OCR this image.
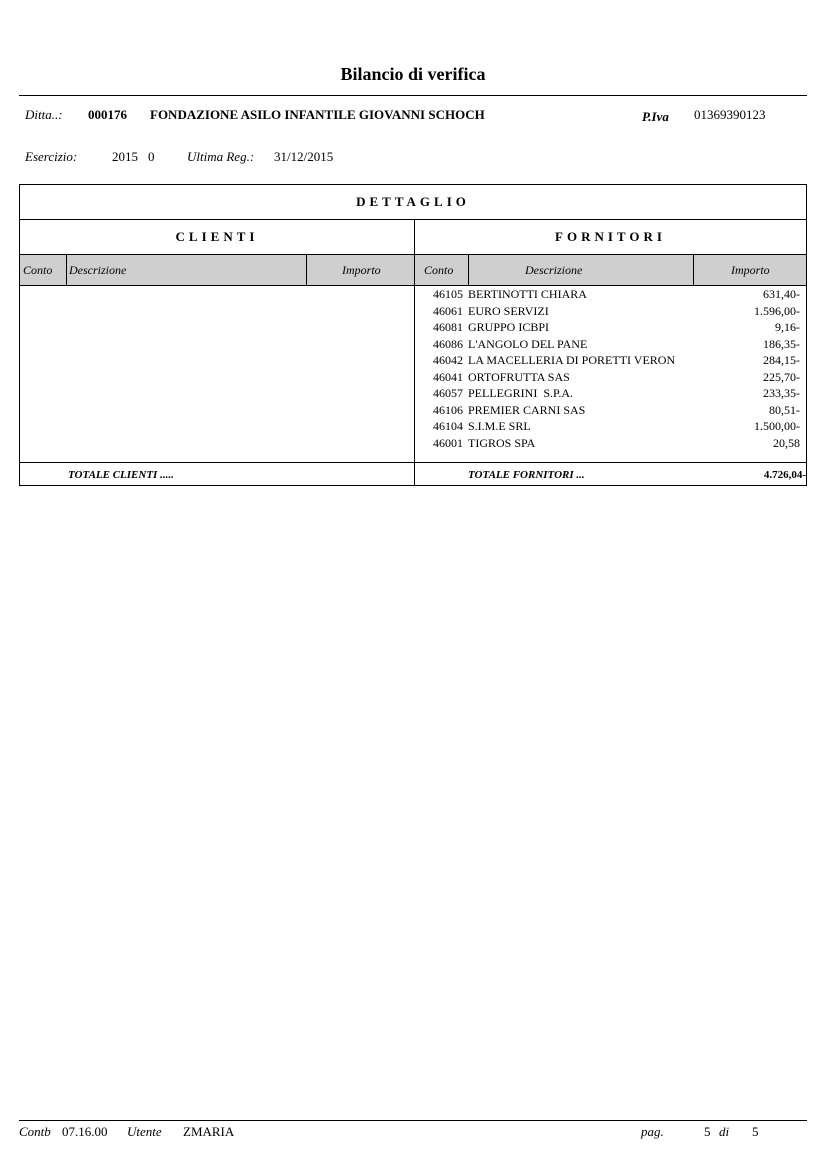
Bilancio di verifica
Ditta..: 000176 FONDAZIONE ASILO INFANTILE GIOVANNI SCHOCH	P.Iva 01369390123
Esercizio:	2015 0	Ultima Reg.: 31/12/2015
DETTAGLIO
CLIENTI	FORNITORI
Conto Descrizione	Importo	Conto	Descrizione	Importo
46105 BERTINOTTI CHIARA	631,40-
46061 EURO SERVIZI	1.596,00-
46081 GRUPPO ICBPI	9,16-
46086 L'ANGOLO DEL PANE	186,35-
46042 LA MACELLERIA DI PORETTI VERON	284,15-
46041 ORTOFRUTTA SAS	225,70-
46057 PELLEGRINI  S.P.A.	233,35-
46106 PREMIER CARNI SAS	80,51-
46104 S.I.M.E SRL	1.500,00-
46001 TIGROS SPA	20,58
TOTALE CLIENTI .....	TOTALE FORNITORI ...	4.726,04-
Contb 07.16.00 Utente ZMARIA	pag.	5 di 5
